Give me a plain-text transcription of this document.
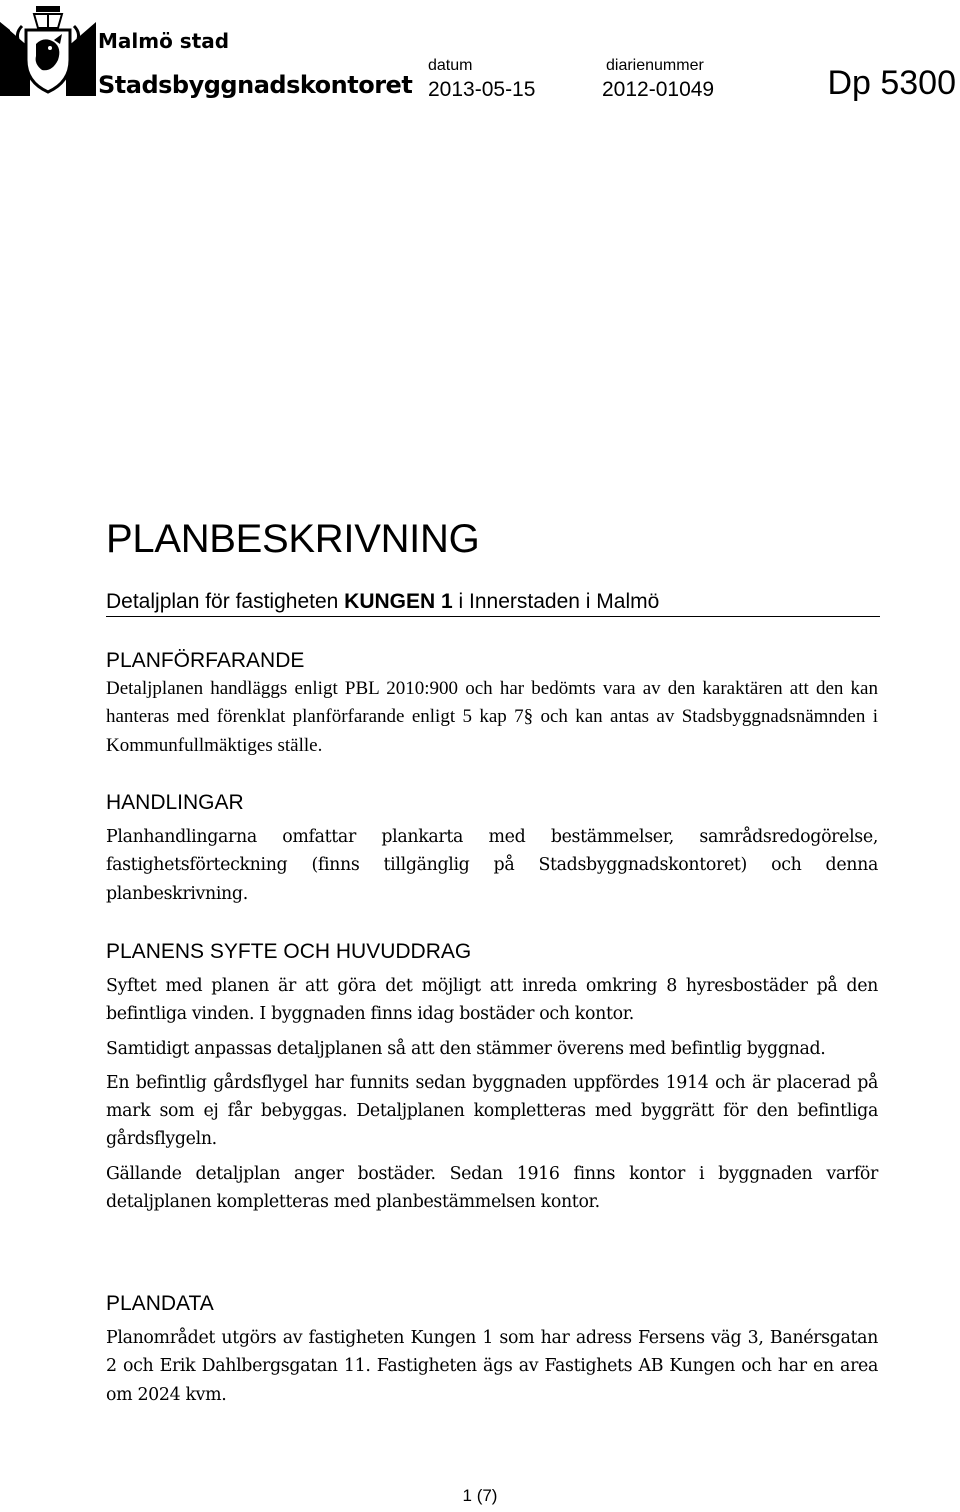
Malmö stad
Stadsbyggnadskontoret
datum
2013-05-15
diarienummer
2012-01049	Dp 5300
PLANBESKRIVNING
Detaljplan för fastigheten KUNGEN 1 i Innerstaden i Malmö
PLANFÖRFARANDE

Detaljplanen handläggs enligt PBL 2010:900 och har bedömts vara av den karaktären att den kan hanteras med förenklat planförfarande enligt 5 kap 7§ och kan antas av Stadsbyggnadsnämnden i Kommunfullmäktiges ställe.

HANDLINGAR

Planhandlingarna omfattar plankarta med bestämmelser, samrådsredogörelse, fastighetsförteckning (finns tillgänglig på Stadsbyggnadskontoret) och denna planbeskrivning.

PLANENS SYFTE OCH HUVUDDRAG

Syftet med planen är att göra det möjligt att inreda omkring 8 hyresbostäder på den befintliga vinden. I byggnaden finns idag bostäder och kontor.

Samtidigt anpassas detaljplanen så att den stämmer överens med befintlig byggnad.

En befintlig gårdsflygel har funnits sedan byggnaden uppfördes 1914 och är placerad på mark som ej får bebyggas. Detaljplanen kompletteras med byggrätt för den befintliga gårdsflygeln.

Gällande detaljplan anger bostäder. Sedan 1916 finns kontor i byggnaden varför detaljplanen kompletteras med planbestämmelsen kontor.

PLANDATA

Planområdet utgörs av fastigheten Kungen 1 som har adress Fersens väg 3, Banérsgatan 2 och Erik Dahlbergsgatan 11. Fastigheten ägs av Fastighets AB Kungen och har en area om 2024 kvm.

1 (7)
